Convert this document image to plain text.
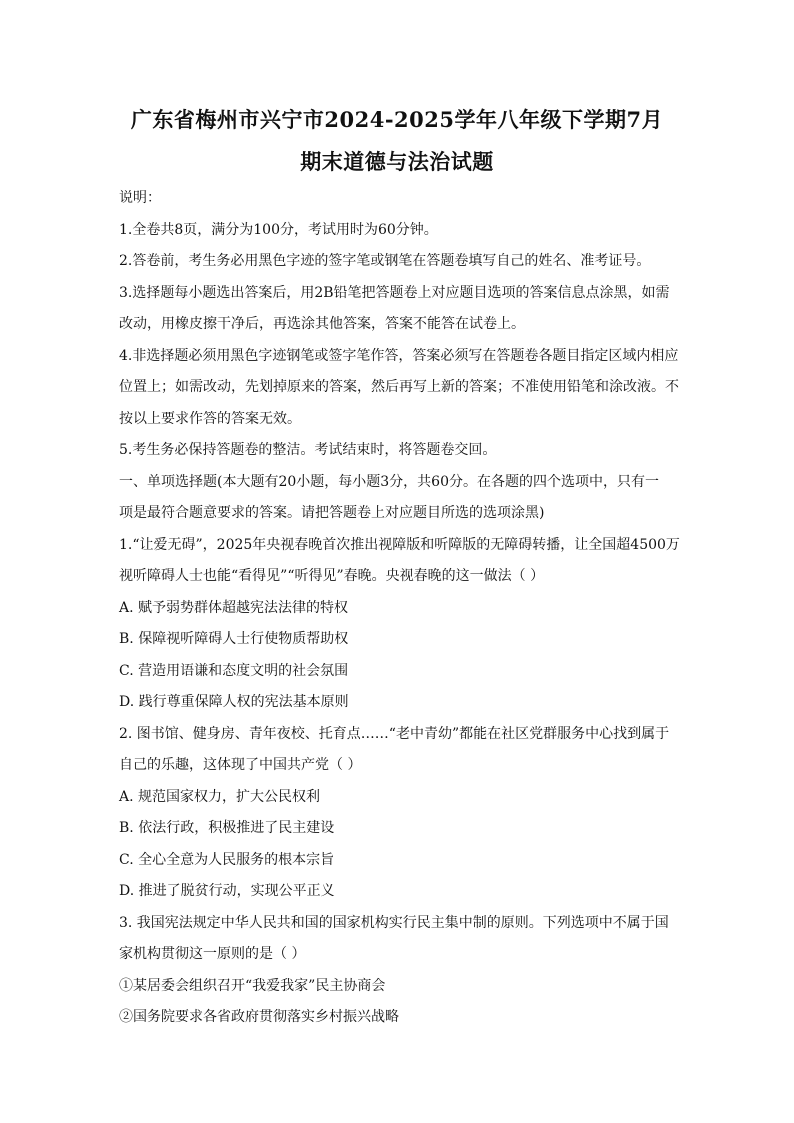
广东省梅州市兴宁市2024-2025学年八年级下学期7月
期末道德与法治试题

说明：

1.全卷共8页，满分为100分，考试用时为60分钟。

2.答卷前，考生务必用黑色字迹的签字笔或钢笔在答题卷填写自己的姓名、准考证号。

3.选择题每小题选出答案后，用2B铅笔把答题卷上对应题目选项的答案信息点涂黑，如需

改动，用橡皮擦干净后，再选涂其他答案，答案不能答在试卷上。

4.非选择题必须用黑色字迹钢笔或签字笔作答，答案必须写在答题卷各题目指定区域内相应

位置上；如需改动，先划掉原来的答案，然后再写上新的答案；不准使用铅笔和涂改液。不

按以上要求作答的答案无效。

5.考生务必保持答题卷的整洁。考试结束时，将答题卷交回。

一、单项选择题(本大题有20小题，每小题3分，共60分。在各题的四个选项中，只有一

项是最符合题意要求的答案。请把答题卷上对应题目所选的选项涂黑)

1.“让爱无碍”，2025年央视春晚首次推出视障版和听障版的无障碍转播，让全国超4500万

视听障碍人士也能“看得见”“听得见”春晚。央视春晚的这一做法（ ）

A. 赋予弱势群体超越宪法法律的特权

B. 保障视听障碍人士行使物质帮助权

C. 营造用语谦和态度文明的社会氛围

D. 践行尊重保障人权的宪法基本原则

2. 图书馆、健身房、青年夜校、托育点……“老中青幼”都能在社区党群服务中心找到属于

自己的乐趣，这体现了中国共产党（ ）

A. 规范国家权力，扩大公民权利

B. 依法行政，积极推进了民主建设

C. 全心全意为人民服务的根本宗旨

D. 推进了脱贫行动，实现公平正义

3. 我国宪法规定中华人民共和国的国家机构实行民主集中制的原则。下列选项中不属于国

家机构贯彻这一原则的是（ ）

①某居委会组织召开“我爱我家”民主协商会

②国务院要求各省政府贯彻落实乡村振兴战略
